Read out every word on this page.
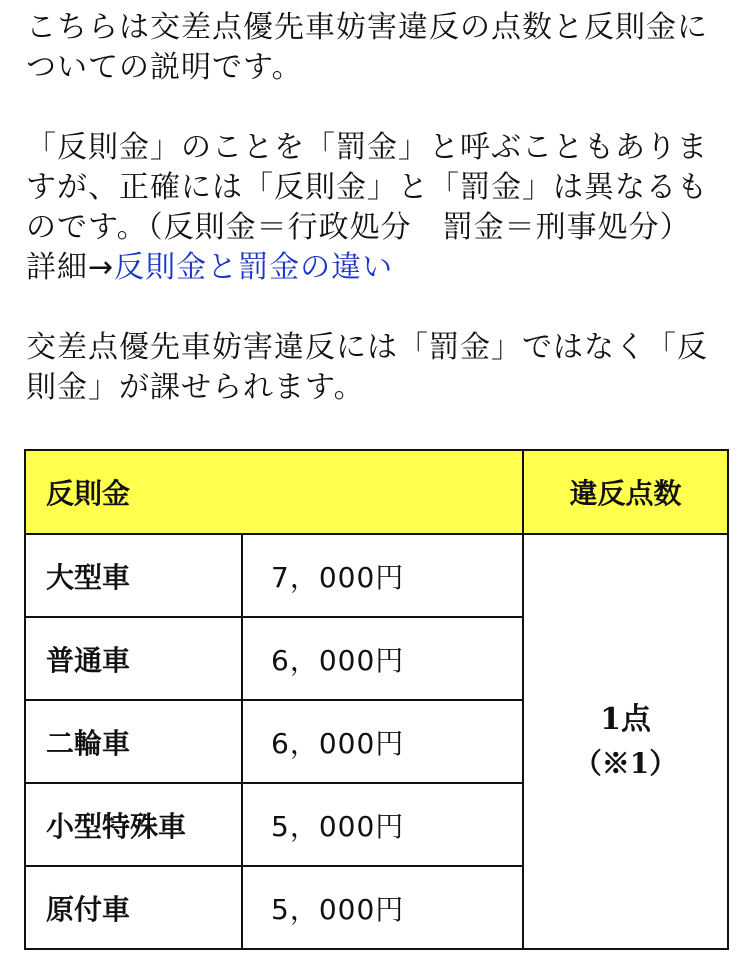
こちらは交差点優先車妨害違反の点数と反則金についての説明です。

「反則金」のことを「罰金」と呼ぶこともありますが、正確には「反則金」と「罰金」は異なるものです。（反則金＝行政処分　罰金＝刑事処分）
詳細→反則金と罰金の違い

交差点優先車妨害違反には「罰金」ではなく「反則金」が課せられます。

反則金		違反点数
大型車	7，000円	1点
（※1）

普通車	6，000円	
二輪車	6，000円	
小型特殊車	5，000円	
原付車	5，000円	
